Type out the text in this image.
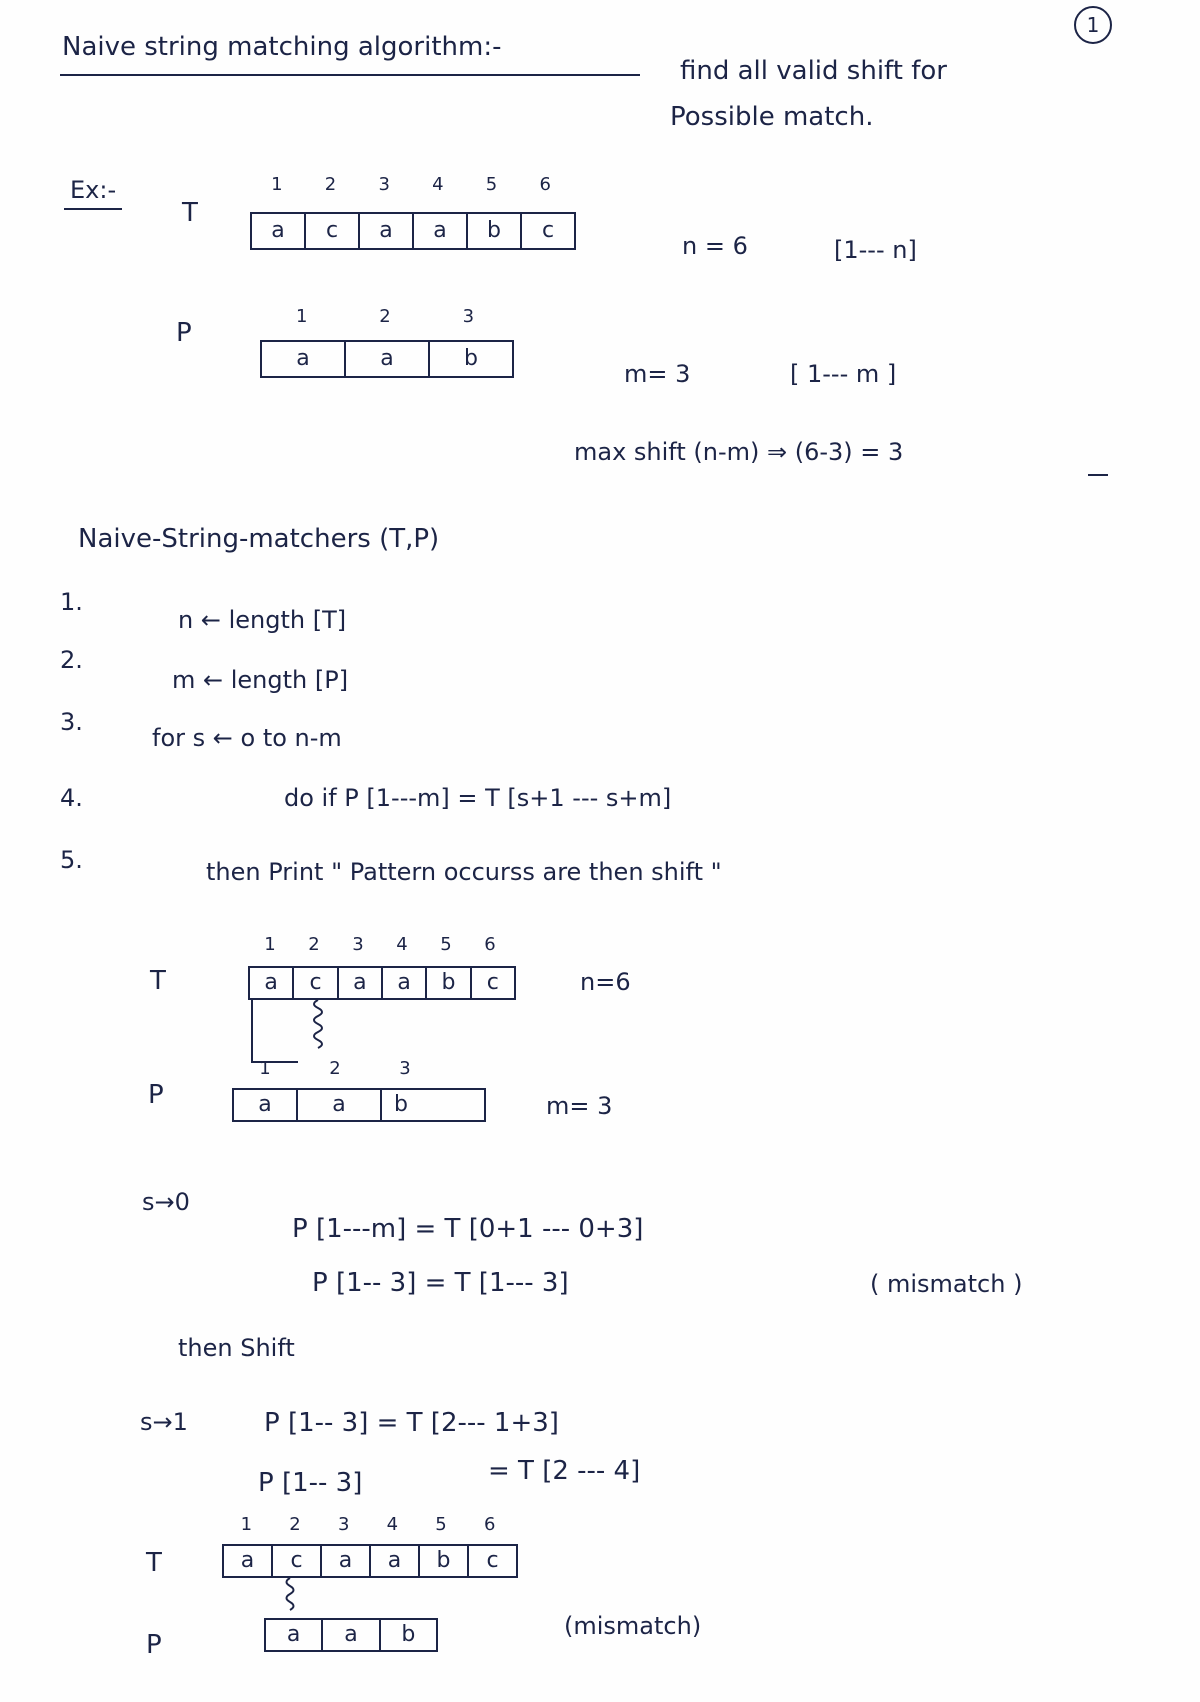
1
Naive string matching algorithm:-
find all valid shift for
Possible match.
Ex:-
T
1	2	3	4	5	6
a	c	a	a	b	c
n = 6	[1--- n]
P
1	2	3
a	a	b
m= 3	[ 1--- m ]
max shift (n-m) ⇒ (6-3) = 3
Naive-String-matchers (T,P)
1.
n ← length [T]
2.
m ← length [P]
3.
for s ← o to n-m
4.	do if P [1---m] = T [s+1 --- s+m]
5.	then Print " Pattern occurss are then shift "
T
1	2	3	4	5	6
a	c	a	a	b	c	n=6
P
1	2	3
a	a	b	m= 3
s→0
P [1---m] = T [0+1 --- 0+3]
P [1-- 3] = T [1--- 3]	( mismatch )
then Shift
s→1	P [1-- 3] = T [2--- 1+3]
P [1-- 3]	= T [2 --- 4]
1	2	3	4	5	6
T	a	c	a	a	b	c
P	a	a	b	(mismatch)
